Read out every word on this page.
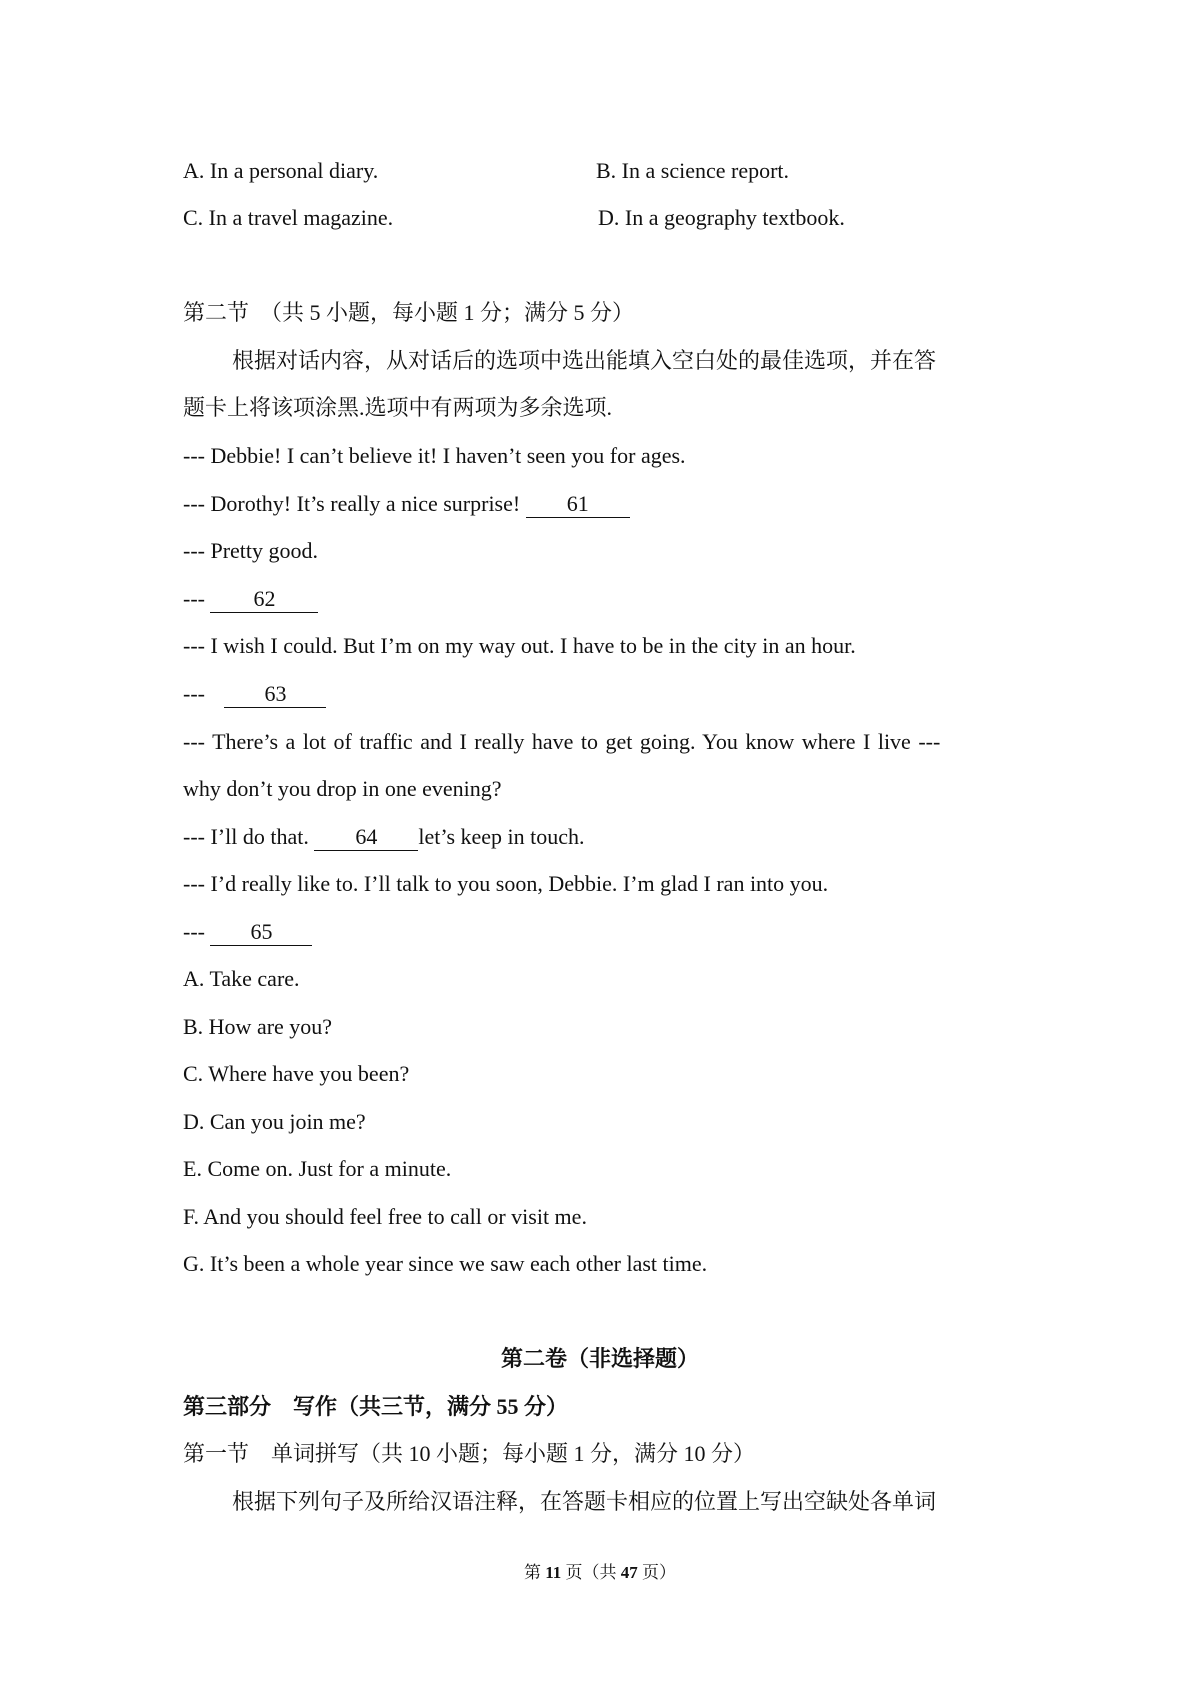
A. In a personal diary.	B. In a science report.
C. In a travel magazine.	D. In a geography textbook.
第二节　（共 5 小题，每小题 1 分；满分 5 分）
根据对话内容，从对话后的选项中选出能填入空白处的最佳选项，并在答
题卡上将该项涂黑.选项中有两项为多余选项.
--- Debbie! I can’t believe it! I haven’t seen you for ages.
--- Dorothy! It’s really a nice surprise! 61
--- Pretty good.
--- 62
--- I wish I could. But I’m on my way out. I have to be in the city in an hour.
--- 63
--- There’s a lot of traffic and I really have to get going. You know where I live ---
why don’t you drop in one evening?
--- I’ll do that. 64 let’s keep in touch.
--- I’d really like to. I’ll talk to you soon, Debbie. I’m glad I ran into you.
--- 65
A. Take care.
B. How are you?
C. Where have you been?
D. Can you join me?
E. Come on. Just for a minute.
F. And you should feel free to call or visit me.
G. It’s been a whole year since we saw each other last time.
第二卷（非选择题）
第三部分　写作（共三节，满分 55 分）
第一节　单词拼写（共 10 小题；每小题 1 分，满分 10 分）
根据下列句子及所给汉语注释，在答题卡相应的位置上写出空缺处各单词
第 11 页（共 47 页）
